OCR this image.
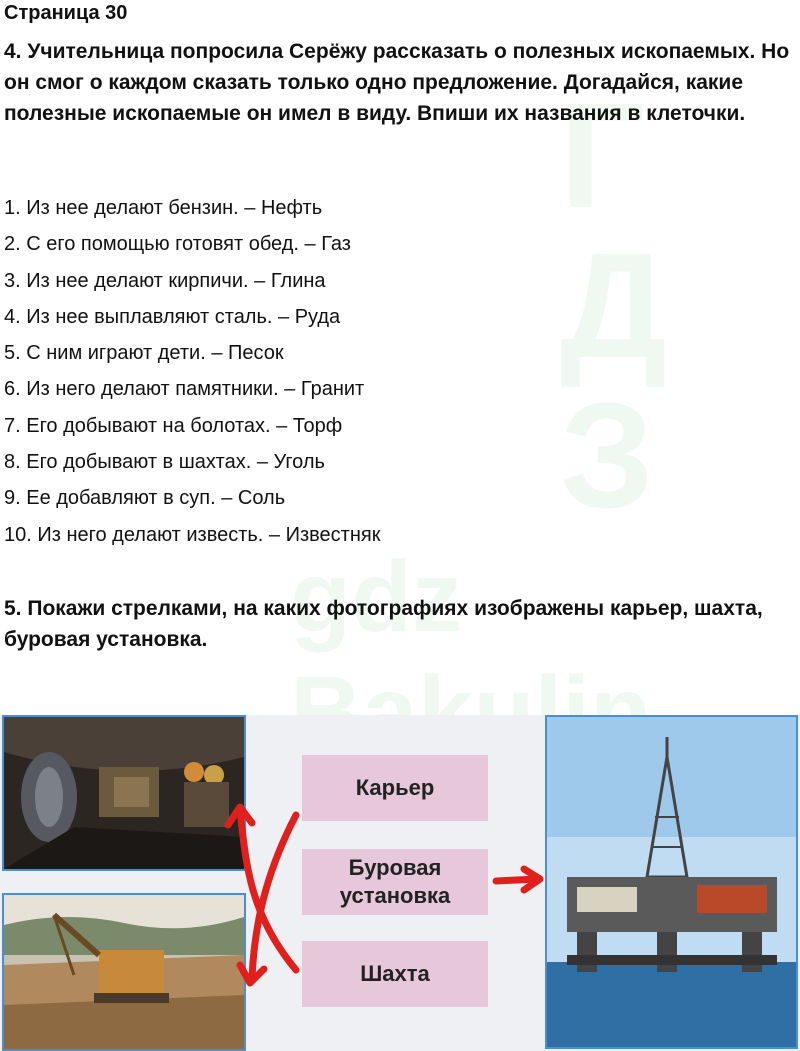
gdz Bakulin
ГДЗ
Страница 30
4. Учительница попросила Серёжу рассказать о полезных ископаемых. Но он смог о каждом сказать только одно предложение. Догадайся, какие полезные ископаемые он имел в виду. Впиши их названия в клеточки.
1. Из нее делают бензин. – Нефть
2. С его помощью готовят обед. – Газ
3. Из нее делают кирпичи. – Глина
4. Из нее выплавляют сталь. – Руда
5. С ним играют дети. – Песок
6. Из него делают памятники. – Гранит
7. Его добывают на болотах. – Торф
8. Его добывают в шахтах. – Уголь
9. Ее добавляют в суп. – Соль
10. Из него делают известь. – Известняк
5. Покажи стрелками, на каких фотографиях изображены карьер, шахта, буровая установка.
Карьер
Буровая установка
Шахта
